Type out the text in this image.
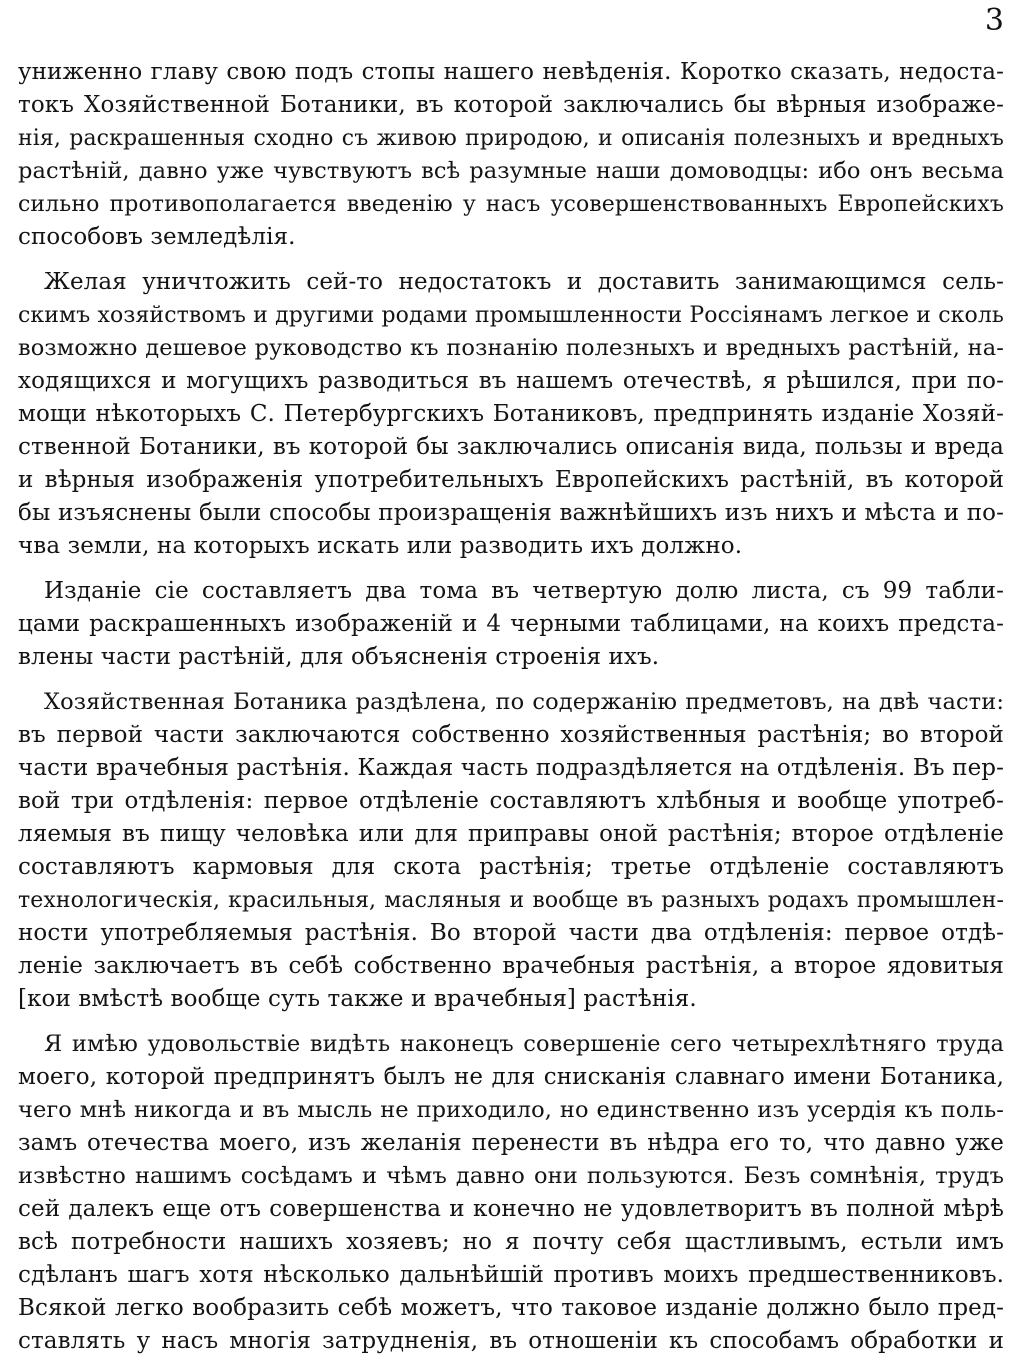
3
униженно главу свою подъ стопы нашего невѣденія. Коротко сказать, недоста-
токъ Хозяйственной Ботаники, въ которой заключались бы вѣрныя изображе-
нія, раскрашенныя сходно съ живою природою, и описанія полезныхъ и вредныхъ
растѣній, давно уже чувствуютъ всѣ разумные наши домоводцы: ибо онъ весьма
сильно противополагается введенію у насъ усовершенствованныхъ Европейскихъ
способовъ земледѣлія.
Желая уничтожить сей-то недостатокъ и доставить занимающимся сель-
скимъ хозяйствомъ и другими родами промышленности Россіянамъ легкое и сколь
возможно дешевое руководство къ познанію полезныхъ и вредныхъ растѣній, на-
ходящихся и могущихъ разводиться въ нашемъ отечествѣ, я рѣшился, при по-
мощи нѣкоторыхъ С. Петербургскихъ Ботаниковъ, предпринять изданіе Хозяй-
ственной Ботаники, въ которой бы заключались описанія вида, пользы и вреда
и вѣрныя изображенія употребительныхъ Европейскихъ растѣній, въ которой
бы изъяснены были способы произращенія важнѣйшихъ изъ нихъ и мѣста и по-
чва земли, на которыхъ искать или разводить ихъ должно.
Изданіе сіе составляетъ два тома въ четвертую долю листа, съ 99 табли-
цами раскрашенныхъ изображеній и 4 черными таблицами, на коихъ предста-
влены части растѣній, для объясненія строенія ихъ.
Хозяйственная Ботаника раздѣлена, по содержанію предметовъ, на двѣ части:
въ первой части заключаются собственно хозяйственныя растѣнія; во второй
части врачебныя растѣнія. Каждая часть подраздѣляется на отдѣленія. Въ пер-
вой три отдѣленія: первое отдѣленіе составляютъ хлѣбныя и вообще употреб-
ляемыя въ пищу человѣка или для приправы оной растѣнія; второе отдѣленіе
составляютъ кармовыя для скота растѣнія; третье отдѣленіе составляютъ
технологическія, красильныя, масляныя и вообще въ разныхъ родахъ промышлен-
ности употребляемыя растѣнія. Во второй части два отдѣленія: первое отдѣ-
леніе заключаетъ въ себѣ собственно врачебныя растѣнія, а второе ядовитыя
[кои вмѣстѣ вообще суть также и врачебныя] растѣнія.
Я имѣю удовольствіе видѣть наконецъ совершеніе сего четырехлѣтняго труда
моего, которой предпринятъ былъ не для снисканія славнаго имени Ботаника,
чего мнѣ никогда и въ мысль не приходило, но единственно изъ усердія къ поль-
замъ отечества моего, изъ желанія перенести въ нѣдра его то, что давно уже
извѣстно нашимъ сосѣдамъ и чѣмъ давно они пользуются. Безъ сомнѣнія, трудъ
сей далекъ еще отъ совершенства и конечно не удовлетворитъ въ полной мѣрѣ
всѣ потребности нашихъ хозяевъ; но я почту себя щастливымъ, естьли имъ
сдѣланъ шагъ хотя нѣсколько дальнѣйшій противъ моихъ предшественниковъ.
Всякой легко вообразить себѣ можетъ, что таковое изданіе должно было пред-
ставлять у насъ многія затрудненія, въ отношеніи къ способамъ обработки и
